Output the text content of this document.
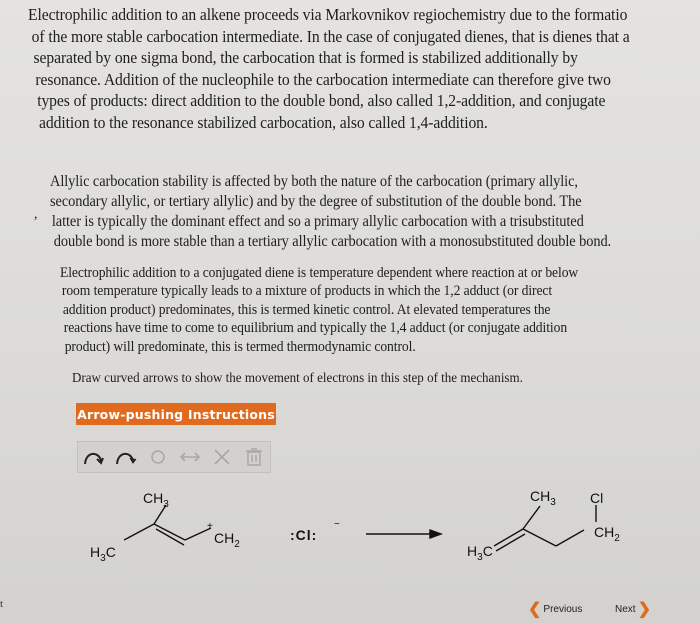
Electrophilic addition to an alkene proceeds via Markovnikov regiochemistry due to the formatio
of the more stable carbocation intermediate. In the case of conjugated dienes, that is dienes that a
separated by one sigma bond, the carbocation that is formed is stabilized additionally by
resonance. Addition of the nucleophile to the carbocation intermediate can therefore give two
types of products: direct addition to the double bond, also called 1,2-addition, and conjugate
addition to the resonance stabilized carbocation, also called 1,4-addition.

,

Allylic carbocation stability is affected by both the nature of the carbocation (primary allylic,
secondary allylic, or tertiary allylic) and by the degree of substitution of the double bond. The
latter is typically the dominant effect and so a primary allylic carbocation with a trisubstituted
double bond is more stable than a tertiary allylic carbocation with a monosubstituted double bond.

Electrophilic addition to a conjugated diene is temperature dependent where reaction at or below
room temperature typically leads to a mixture of products in which the 1,2 adduct (or direct
addition product) predominates, this is termed kinetic control. At elevated temperatures the
reactions have time to come to equilibrium and typically the 1,4 adduct (or conjugate addition
product) will predominate, this is termed thermodynamic control.

Draw curved arrows to show the movement of electrons in this step of the mechanism.

Arrow-pushing Instructions
$CH_3$
+
$CH_2$
$H_3C$
:Cl:
−
$CH_3$ Cl
$CH_2$
$H_3C$
❮ Previous	Next ❯
t
